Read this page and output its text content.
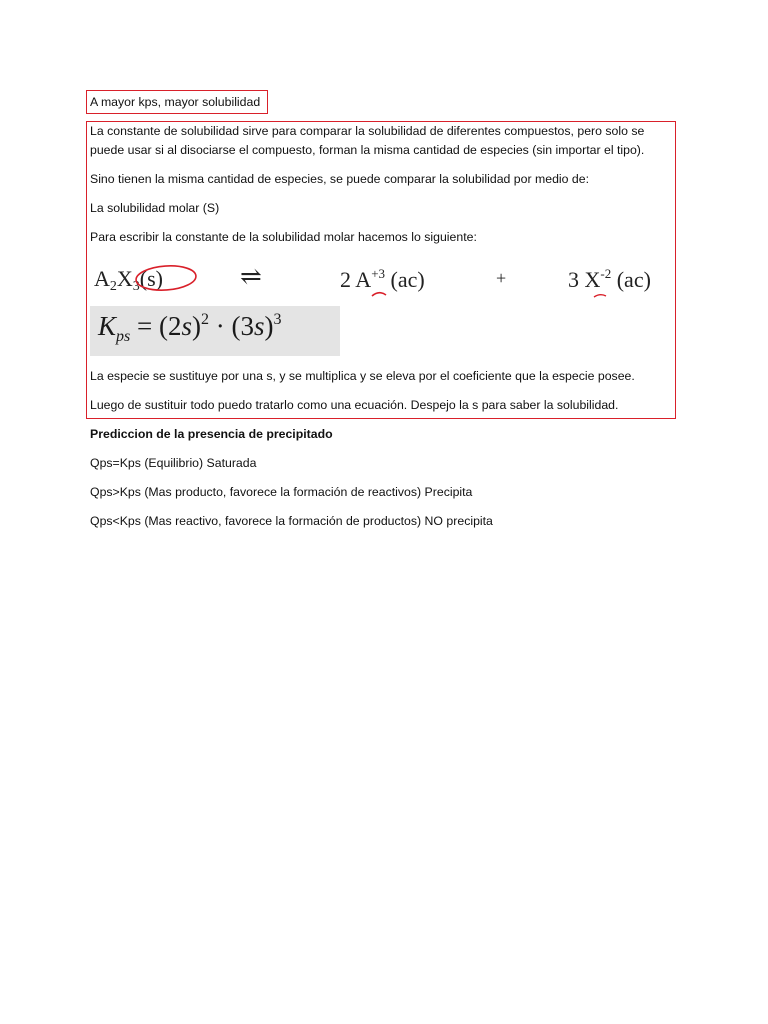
A mayor kps, mayor solubilidad
La constante de solubilidad sirve para comparar la solubilidad de diferentes compuestos, pero solo se
puede usar si al disociarse el compuesto, forman la misma cantidad de especies (sin importar el tipo).
Sino tienen la misma cantidad de especies, se puede comparar la solubilidad por medio de:
La solubilidad molar (S)
Para escribir la constante de la solubilidad molar hacemos lo siguiente:
$A_2X_3(s)$	⇌	2 $A^{+3}$ (ac)	+	3 $X^{-2}$ (ac)
$K_{ps} = (2s)^2 \cdot (3s)^3$
La especie se sustituye por una s, y se multiplica y se eleva por el coeficiente que la especie posee.
Luego de sustituir todo puedo tratarlo como una ecuación. Despejo la s para saber la solubilidad.
Prediccion de la presencia de precipitado
Qps=Kps (Equilibrio) Saturada
Qps>Kps (Mas producto, favorece la formación de reactivos) Precipita
Qps<Kps (Mas reactivo, favorece la formación de productos) NO precipita
